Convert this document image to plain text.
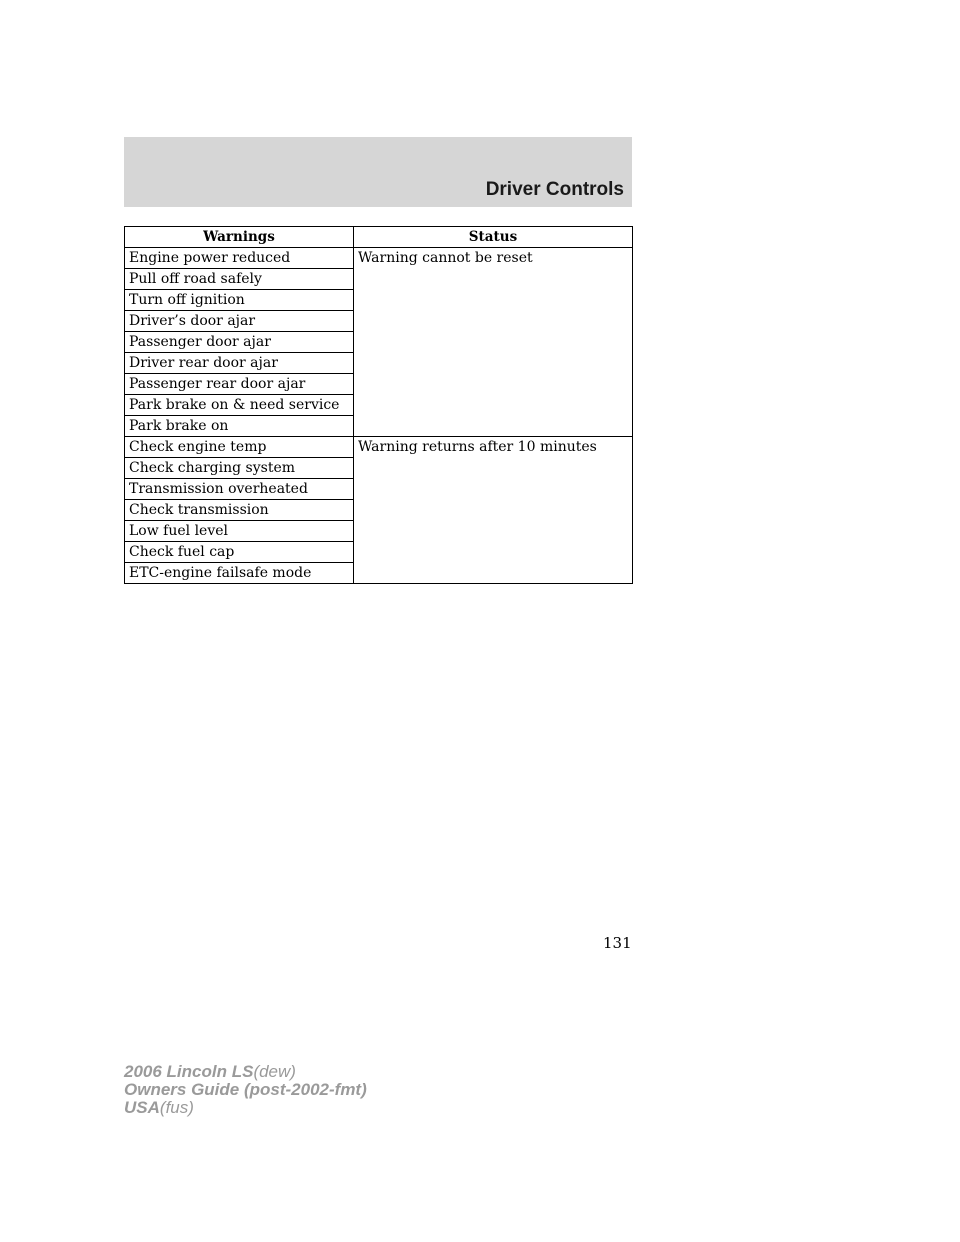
Driver Controls
Warnings	Status
Engine power reduced	Warning cannot be reset
Pull off road safely	
Turn off ignition	
Driver’s door ajar	
Passenger door ajar	
Driver rear door ajar	
Passenger rear door ajar	
Park brake on & need service	
Park brake on	
Check engine temp	Warning returns after 10 minutes
Check charging system	
Transmission overheated	
Check transmission	
Low fuel level	
Check fuel cap	
ETC-engine failsafe mode	
131
2006 Lincoln LS(dew)
Owners Guide (post-2002-fmt)
USA(fus)
